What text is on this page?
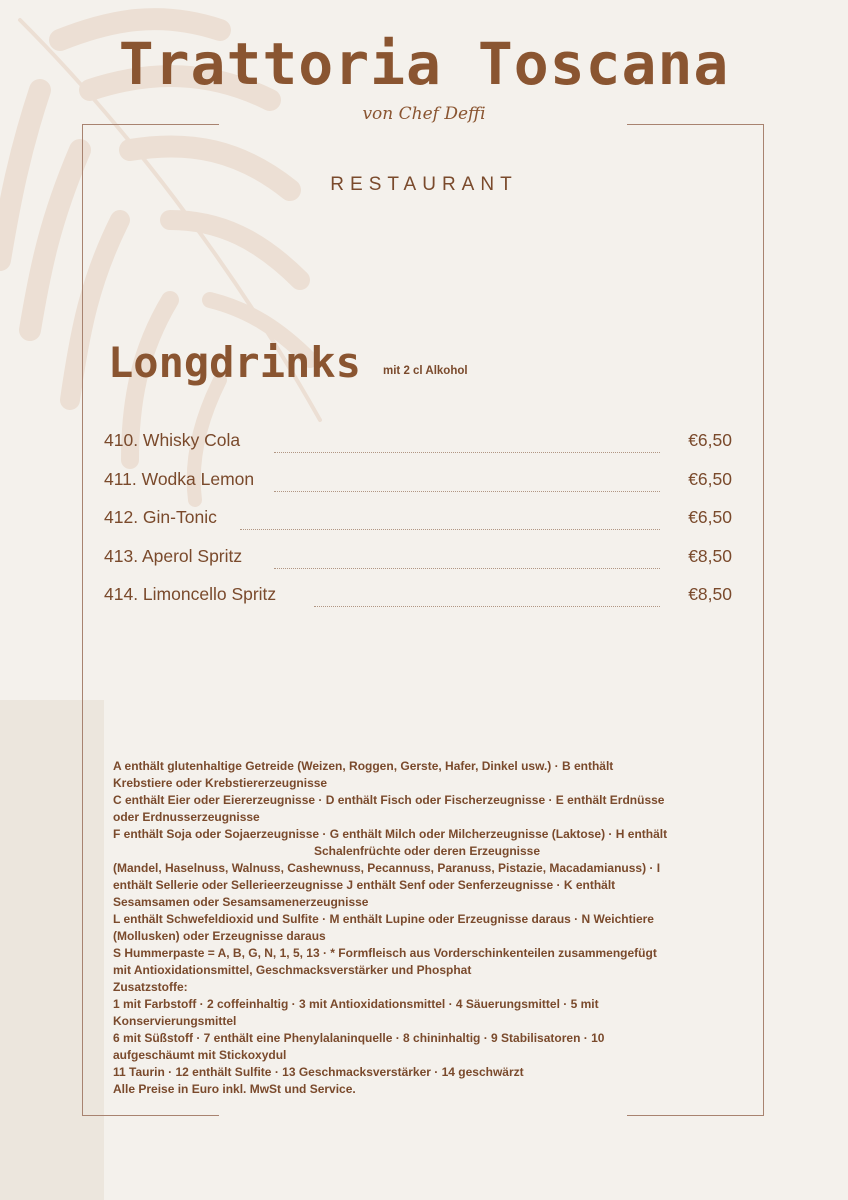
Trattoria Toscana
von Chef Deffi
RESTAURANT
Longdrinks mit 2 cl Alkohol
410. Whisky Cola	€6,50
411. Wodka Lemon	€6,50
412. Gin-Tonic	€6,50
413. Aperol Spritz	€8,50
414. Limoncello Spritz	€8,50
A enthält glutenhaltige Getreide (Weizen, Roggen, Gerste, Hafer, Dinkel usw.) · B enthält
Krebstiere oder Krebstiererzeugnisse
C enthält Eier oder Eiererzeugnisse · D enthält Fisch oder Fischerzeugnisse · E enthält Erdnüsse
oder Erdnusserzeugnisse
F enthält Soja oder Sojaerzeugnisse · G enthält Milch oder Milcherzeugnisse (Laktose) · H enthält
Schalenfrüchte oder deren Erzeugnisse
(Mandel, Haselnuss, Walnuss, Cashewnuss, Pecannuss, Paranuss, Pistazie, Macadamianuss) · I
enthält Sellerie oder Sellerieerzeugnisse J enthält Senf oder Senferzeugnisse · K enthält
Sesamsamen oder Sesamsamenerzeugnisse
L enthält Schwefeldioxid und Sulfite · M enthält Lupine oder Erzeugnisse daraus · N Weichtiere
(Mollusken) oder Erzeugnisse daraus
S Hummerpaste = A, B, G, N, 1, 5, 13 · * Formfleisch aus Vorderschinkenteilen zusammengefügt
mit Antioxidationsmittel, Geschmacksverstärker und Phosphat
Zusatzstoffe:
1 mit Farbstoff · 2 coffeinhaltig · 3 mit Antioxidationsmittel · 4 Säuerungsmittel · 5 mit
Konservierungsmittel
6 mit Süßstoff · 7 enthält eine Phenylalaninquelle · 8 chininhaltig · 9 Stabilisatoren · 10
aufgeschäumt mit Stickoxydul
11 Taurin · 12 enthält Sulfite · 13 Geschmacksverstärker · 14 geschwärzt
Alle Preise in Euro inkl. MwSt und Service.
